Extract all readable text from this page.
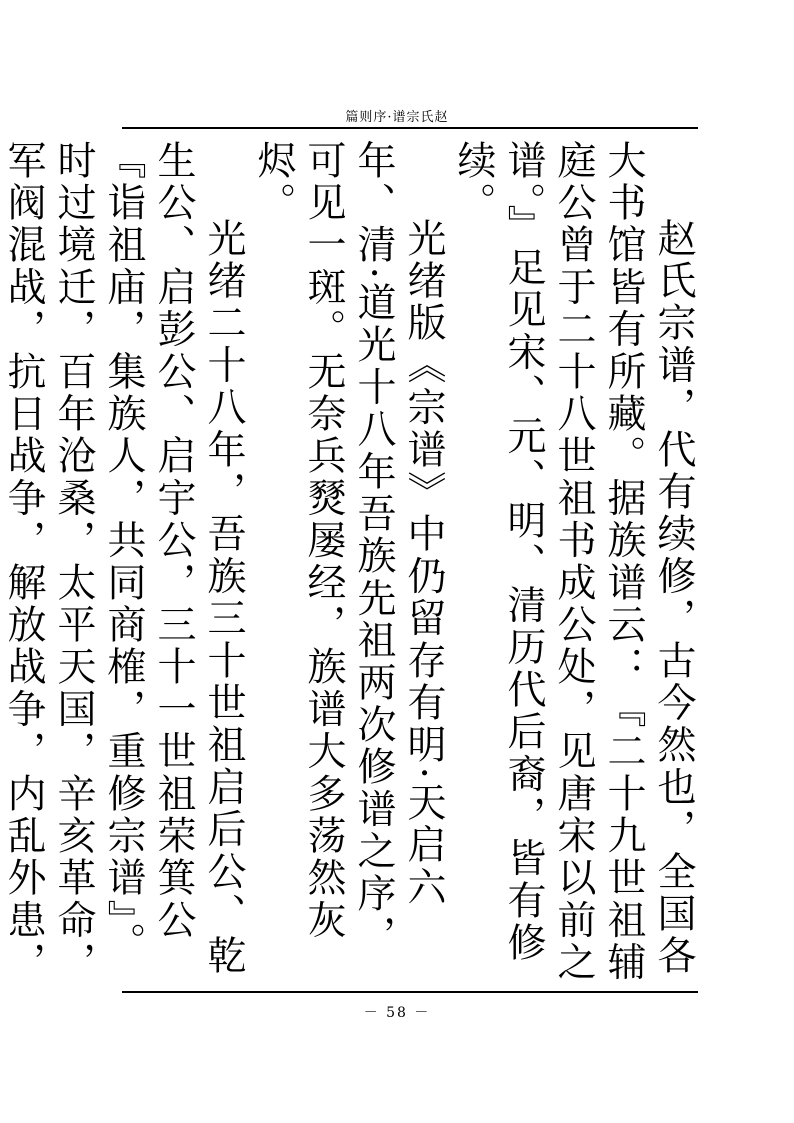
篇则序·谱宗氏赵

赵氏宗谱，代有续修，古今然也，全国各大书馆皆有所藏。据族谱云：『二十九世祖辅庭公曾于二十八世祖书成公处，见唐宋以前之谱。』足见宋、元、明、清历代后裔，皆有修续。

光绪版《宗谱》中仍留存有明·天启六年、清·道光十八年吾族先祖两次修谱之序，可见一斑。无奈兵燹屡经，族谱大多荡然灰烬。

光绪二十八年，吾族三十世祖启后公、乾生公、启彭公、启宇公，三十一世祖荣箕公『诣祖庙，集族人，共同商榷，重修宗谱』。时过境迁，百年沧桑，太平天国，辛亥革命，军阀混战，抗日战争，解放战争，内乱外患，

－ 58 －
